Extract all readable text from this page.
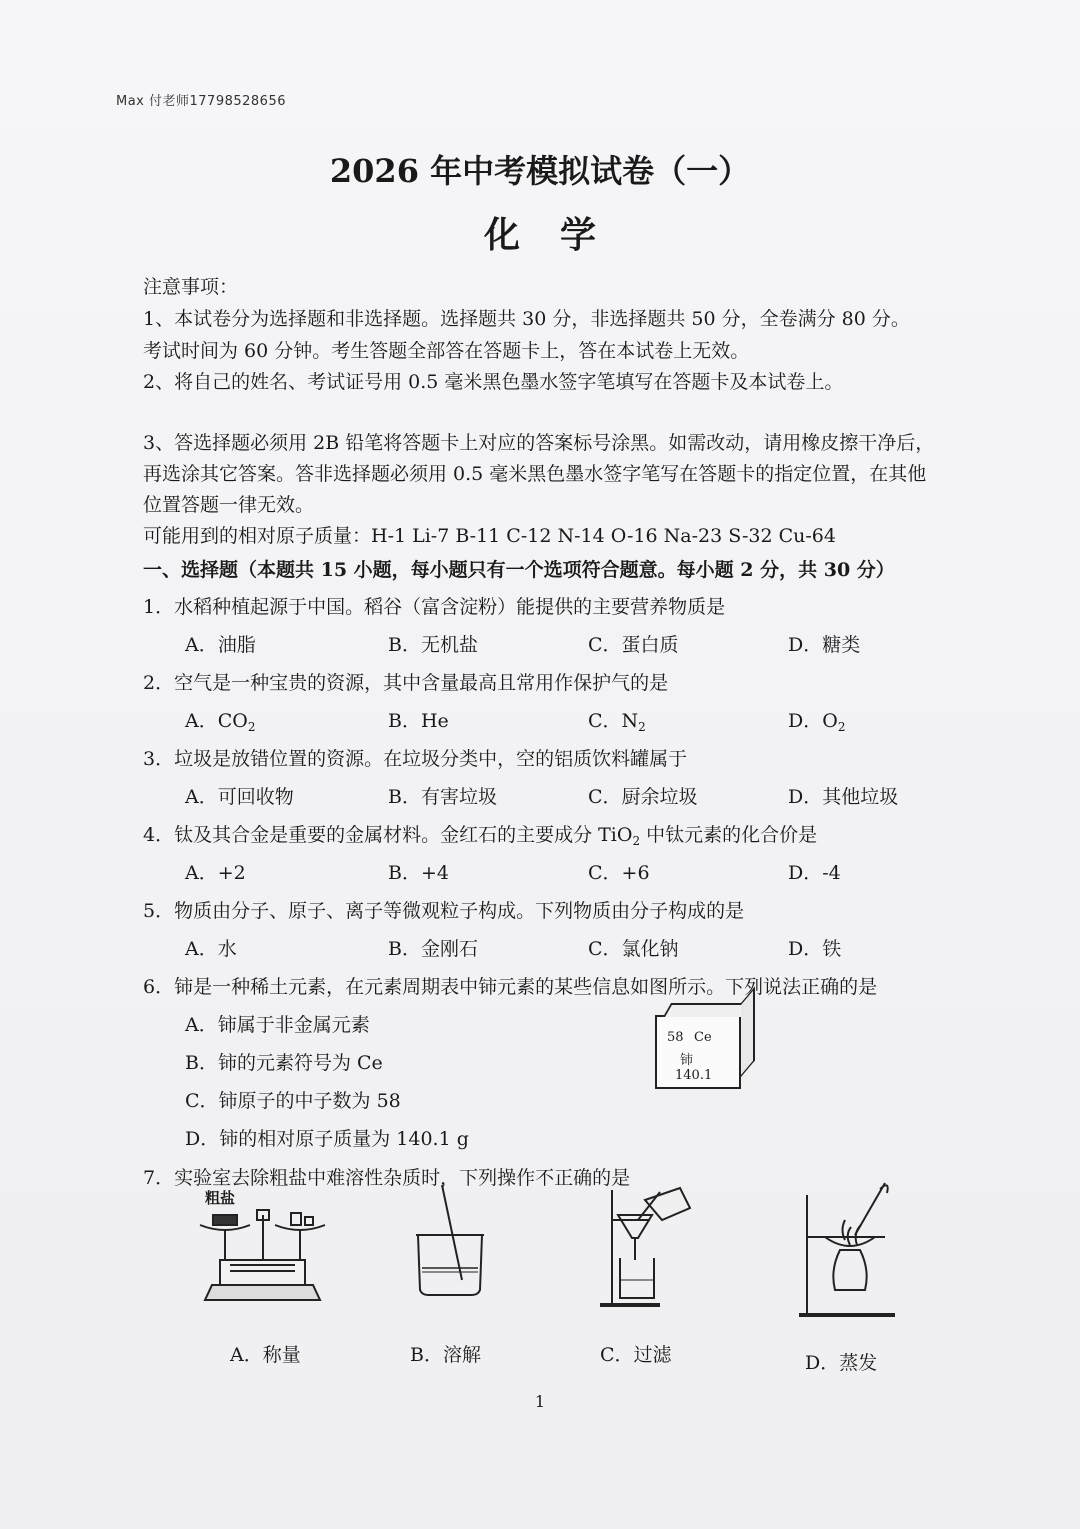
Max 付老师17798528656
2026 年中考模拟试卷（一）
化学
注意事项：
1、本试卷分为选择题和非选择题。选择题共 30 分，非选择题共 50 分，全卷满分 80 分。
考试时间为 60 分钟。考生答题全部答在答题卡上，答在本试卷上无效。
2、将自己的姓名、考试证号用 0.5 毫米黑色墨水签字笔填写在答题卡及本试卷上。
3、答选择题必须用 2B 铅笔将答题卡上对应的答案标号涂黑。如需改动，请用橡皮擦干净后，
再选涂其它答案。答非选择题必须用 0.5 毫米黑色墨水签字笔写在答题卡的指定位置，在其他
位置答题一律无效。
可能用到的相对原子质量：H-1 Li-7 B-11 C-12 N-14 O-16 Na-23 S-32 Cu-64
一、选择题（本题共 15 小题，每小题只有一个选项符合题意。每小题 2 分，共 30 分）
1．水稻种植起源于中国。稻谷（富含淀粉）能提供的主要营养物质是
A．油脂	B．无机盐	C．蛋白质	D．糖类
2．空气是一种宝贵的资源，其中含量最高且常用作保护气的是
A．$CO_2$	B．He	C．$N_2$	D．$O_2$
3．垃圾是放错位置的资源。在垃圾分类中，空的铝质饮料罐属于
A．可回收物	B．有害垃圾	C．厨余垃圾	D．其他垃圾
4．钛及其合金是重要的金属材料。金红石的主要成分 TiO$_2$ 中钛元素的化合价是
A．+2	B．+4	C．+6	D．-4
5．物质由分子、原子、离子等微观粒子构成。下列物质由分子构成的是
A．水	B．金刚石	C．氯化钠	D．铁
6．铈是一种稀土元素，在元素周期表中铈元素的某些信息如图所示。下列说法正确的是
A．铈属于非金属元素
B．铈的元素符号为 Ce
C．铈原子的中子数为 58
D．铈的相对原子质量为 140.1 g
58 Ce
铈
140.1
7．实验室去除粗盐中难溶性杂质时，下列操作不正确的是
粗盐
A．称量	B．溶解	C．过滤	D．蒸发
1
